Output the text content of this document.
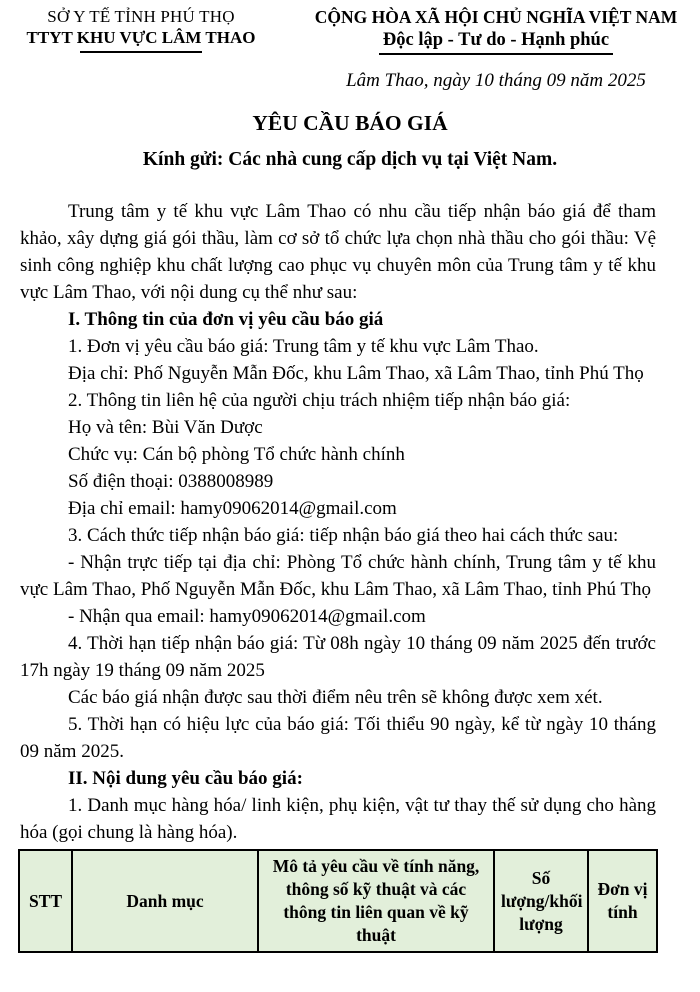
SỞ Y TẾ TỈNH PHÚ THỌ
TTYT KHU VỰC LÂM THAO
CỘNG HÒA XÃ HỘI CHỦ NGHĨA VIỆT NAM
Độc lập - Tư do - Hạnh phúc
Lâm Thao, ngày 10 tháng 09 năm 2025
YÊU CẦU BÁO GIÁ
Kính gửi: Các nhà cung cấp dịch vụ tại Việt Nam.

Trung tâm y tế khu vực Lâm Thao có nhu cầu tiếp nhận báo giá để tham khảo, xây dựng giá gói thầu, làm cơ sở tổ chức lựa chọn nhà thầu cho gói thầu: Vệ sinh công nghiệp khu chất lượng cao phục vụ chuyên môn của Trung tâm y tế khu vực Lâm Thao, với nội dung cụ thể như sau:

I. Thông tin của đơn vị yêu cầu báo giá

1. Đơn vị yêu cầu báo giá: Trung tâm y tế khu vực Lâm Thao.

Địa chỉ: Phố Nguyễn Mẫn Đốc, khu Lâm Thao, xã Lâm Thao, tỉnh Phú Thọ

2. Thông tin liên hệ của người chịu trách nhiệm tiếp nhận báo giá:

Họ và tên: Bùi Văn Dược

Chức vụ: Cán bộ phòng Tổ chức hành chính

Số điện thoại: 0388008989

Địa chỉ email: hamy09062014@gmail.com

3. Cách thức tiếp nhận báo giá: tiếp nhận báo giá theo hai cách thức sau:

- Nhận trực tiếp tại địa chỉ: Phòng Tổ chức hành chính, Trung tâm y tế khu vực Lâm Thao, Phố Nguyễn Mẫn Đốc, khu Lâm Thao, xã Lâm Thao, tỉnh Phú Thọ

- Nhận qua email: hamy09062014@gmail.com

4. Thời hạn tiếp nhận báo giá: Từ 08h ngày 10 tháng 09 năm 2025 đến trước 17h ngày 19 tháng 09 năm 2025

Các báo giá nhận được sau thời điểm nêu trên sẽ không được xem xét.

5. Thời hạn có hiệu lực của báo giá: Tối thiểu 90 ngày, kể từ ngày 10 tháng 09 năm 2025.

II. Nội dung yêu cầu báo giá:

1. Danh mục hàng hóa/ linh kiện, phụ kiện, vật tư thay thế sử dụng cho hàng hóa (gọi chung là hàng hóa).

STT	Danh mục	Mô tả yêu cầu về tính năng, thông số kỹ thuật và các thông tin liên quan về kỹ thuật	Số lượng/khối lượng	Đơn vị tính
